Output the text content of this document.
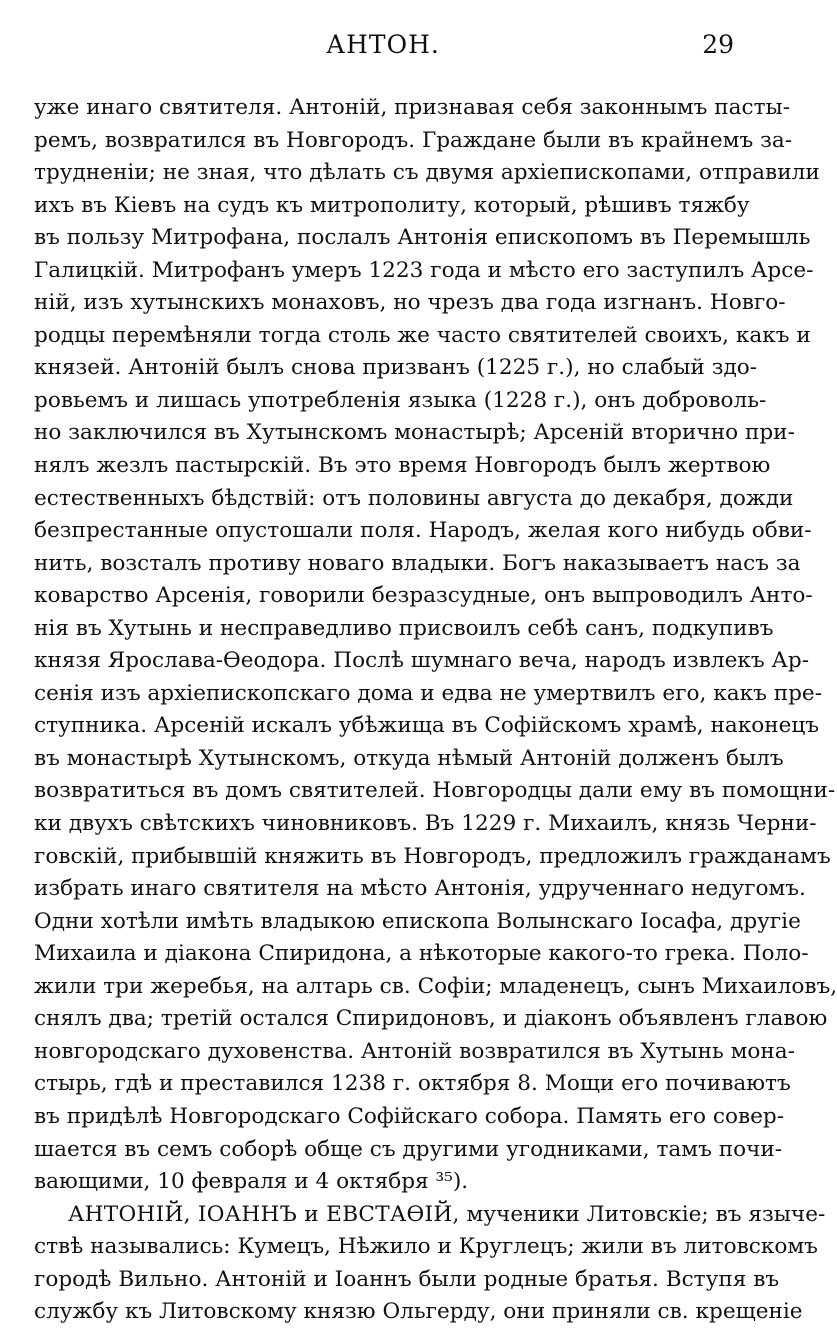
АНТОН.	29
уже инаго святителя. Антоній, признавая себя законнымъ пасты-
ремъ, возвратился въ Новгородъ. Граждане были въ крайнемъ за-
трудненіи; не зная, что дѣлать съ двумя архіепископами, отправили
ихъ въ Кіевъ на судъ къ митрополиту, который, рѣшивъ тяжбу
въ пользу Митрофана, послалъ Антонія епископомъ въ Перемышль
Галицкій. Митрофанъ умеръ 1223 года и мѣсто его заступилъ Арсе-
ній, изъ хутынскихъ монаховъ, но чрезъ два года изгнанъ. Новго-
родцы перемѣняли тогда столь же часто святителей своихъ, какъ и
князей. Антоній былъ снова призванъ (1225 г.), но слабый здо-
ровьемъ и лишась употребленія языка (1228 г.), онъ доброволь-
но заключился въ Хутынскомъ монастырѣ; Арсеній вторично при-
нялъ жезлъ пастырскій. Въ это время Новгородъ былъ жертвою
естественныхъ бѣдствій: отъ половины августа до декабря, дожди
безпрестанные опустошали поля. Народъ, желая кого нибудь обви-
нить, возсталъ противу новаго владыки. Богъ наказываетъ насъ за
коварство Арсенія, говорили безразсудные, онъ выпроводилъ Анто-
нія въ Хутынь и несправедливо присвоилъ себѣ санъ, подкупивъ
князя Ярослава-Ѳеодора. Послѣ шумнаго веча, народъ извлекъ Ар-
сенія изъ архіепископскаго дома и едва не умертвилъ его, какъ пре-
ступника. Арсеній искалъ убѣжища въ Софійскомъ храмѣ, наконецъ
въ монастырѣ Хутынскомъ, откуда нѣмый Антоній долженъ былъ
возвратиться въ домъ святителей. Новгородцы дали ему въ помощни-
ки двухъ свѣтскихъ чиновниковъ. Въ 1229 г. Михаилъ, князь Черни-
говскій, прибывшій княжить въ Новгородъ, предложилъ гражданамъ
избрать инаго святителя на мѣсто Антонія, удрученнаго недугомъ.
Одни хотѣли имѣть владыкою епископа Волынскаго Іосафа, другіе
Михаила и діакона Спиридона, а нѣкоторые какого-то грека. Поло-
жили три жеребья, на алтарь св. Софіи; младенецъ, сынъ Михаиловъ,
снялъ два; третій остался Спиридоновъ, и діаконъ объявленъ главою
новгородскаго духовенства. Антоній возвратился въ Хутынь мона-
стырь, гдѣ и преставился 1238 г. октября 8. Мощи его почиваютъ
въ придѣлѣ Новгородскаго Софійскаго собора. Память его совер-
шается въ семъ соборѣ обще съ другими угодниками, тамъ почи-
вающими, 10 февраля и 4 октября ³⁵).
АНТОНІЙ, ІОАННЪ и ЕВСТАѲІЙ, мученики Литовскіе; въ языче-
ствѣ назывались: Кумецъ, Нѣжило и Круглецъ; жили въ литовскомъ
городѣ Вильно. Антоній и Іоаннъ были родные братья. Вступя въ
службу къ Литовскому князю Ольгерду, они приняли св. крещеніе
